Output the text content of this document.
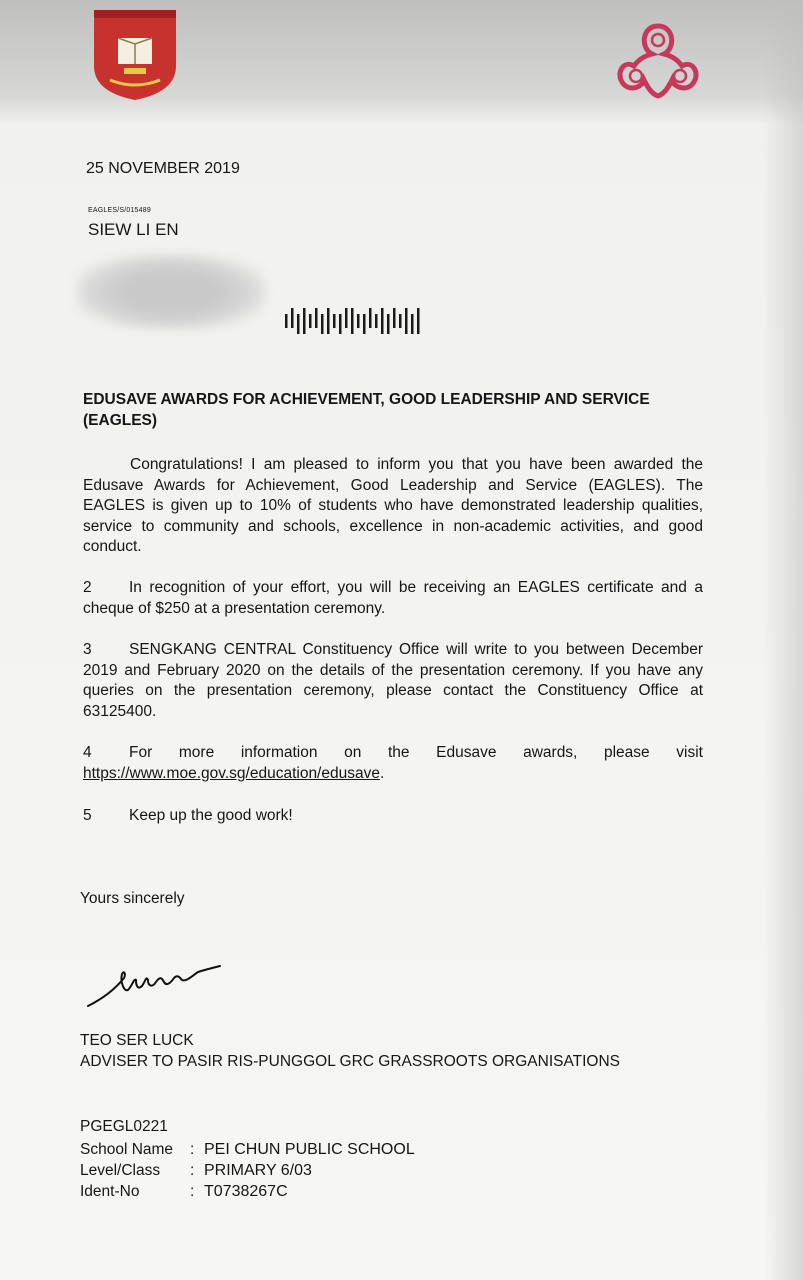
25 NOVEMBER 2019

EAGLES/S/015489

SIEW LI EN

EDUSAVE AWARDS FOR ACHIEVEMENT, GOOD LEADERSHIP AND SERVICE (EAGLES)

Congratulations! I am pleased to inform you that you have been awarded the Edusave Awards for Achievement, Good Leadership and Service (EAGLES). The EAGLES is given up to 10% of students who have demonstrated leadership qualities, service to community and schools, excellence in non-academic activities, and good conduct.

2 In recognition of your effort, you will be receiving an EAGLES certificate and a cheque of $250 at a presentation ceremony.

3 SENGKANG CENTRAL Constituency Office will write to you between December 2019 and February 2020 on the details of the presentation ceremony. If you have any queries on the presentation ceremony, please contact the Constituency Office at 63125400.

4 For more information on the Edusave awards, please visit https://www.moe.gov.sg/education/edusave.

5 Keep up the good work!

Yours sincerely

TEO SER LUCK

ADVISER TO PASIR RIS-PUNGGOL GRC GRASSROOTS ORGANISATIONS

PGEGL0221

School Name	: PEI CHUN PUBLIC SCHOOL
Level/Class	: PRIMARY 6/03
Ident-No	: T0738267C
